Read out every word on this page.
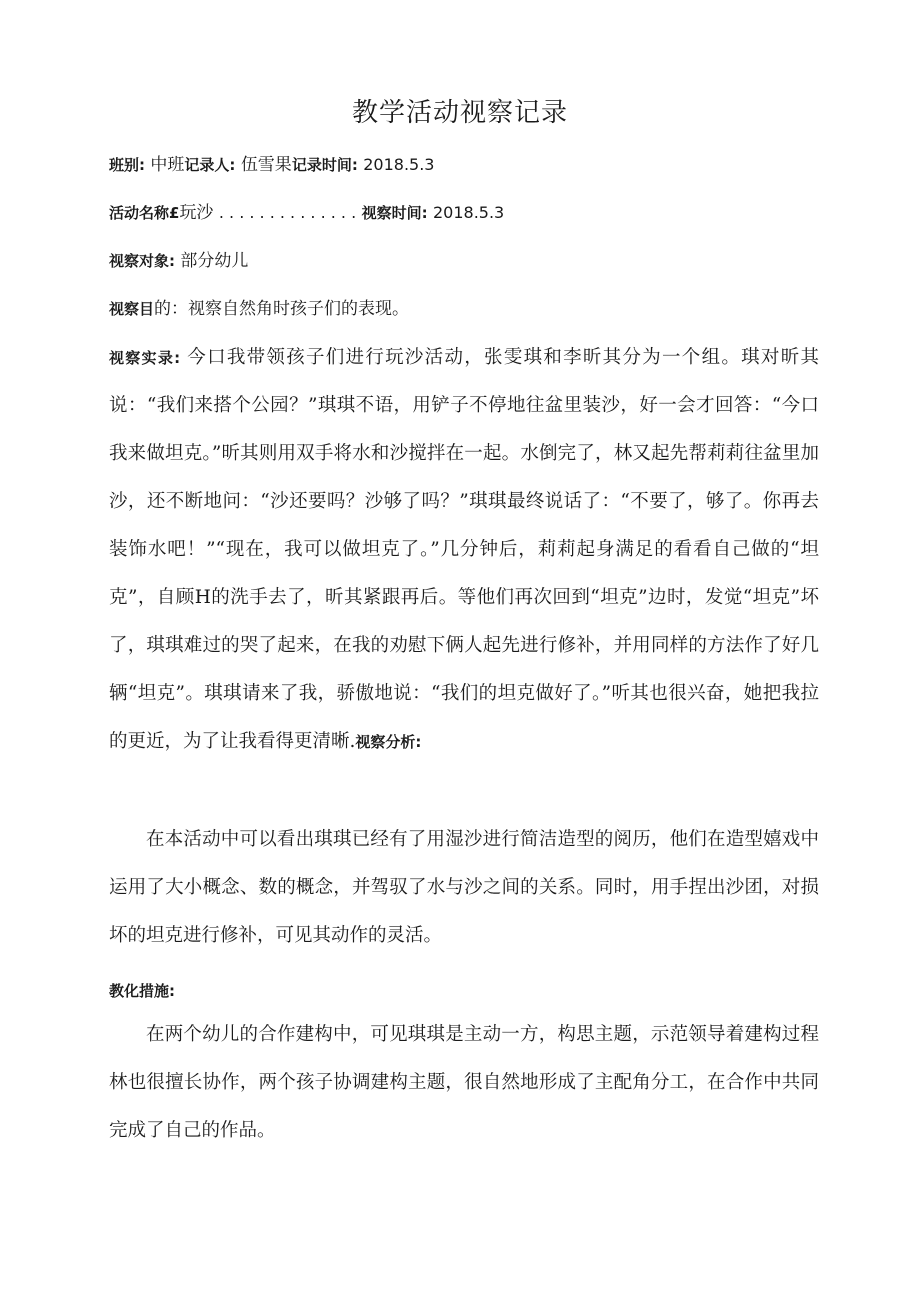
教学活动视察记录
班别: 中班记录人: 伍雪果记录时间: 2018.5.3
活动名称£玩沙 . . . . . . . . . . . . . . 视察时间: 2018.5.3
视察对象: 部分幼儿
视察目的：视察自然角时孩子们的表现。
视察实录: 今口我带领孩子们进行玩沙活动，张雯琪和李昕其分为一个组。琪对昕其说：“我们来搭个公园？”琪琪不语，用铲子不停地往盆里装沙，好一会才回答：“今口我来做坦克。”昕其则用双手将水和沙搅拌在一起。水倒完了，林又起先帮莉莉往盆里加沙，还不断地问：“沙还要吗？沙够了吗？”琪琪最终说话了：“不要了，够了。你再去装饰水吧！”“现在，我可以做坦克了。”几分钟后，莉莉起身满足的看看自己做的“坦克”，自顾H的洗手去了，昕其紧跟再后。等他们再次回到“坦克”边时，发觉“坦克”坏了，琪琪难过的哭了起来，在我的劝慰下俩人起先进行修补，并用同样的方法作了好几辆“坦克”。琪琪请来了我，骄傲地说：“我们的坦克做好了。”听其也很兴奋，她把我拉的更近，为了让我看得更清晰.视察分析:
在本活动中可以看出琪琪已经有了用湿沙进行简洁造型的阅历，他们在造型嬉戏中运用了大小概念、数的概念，并驾驭了水与沙之间的关系。同时，用手捏出沙团，对损坏的坦克进行修补，可见其动作的灵活。
教化措施:
在两个幼儿的合作建构中，可见琪琪是主动一方，构思主题，示范领导着建构过程 林也很擅长协作，两个孩子协调建构主题，很自然地形成了主配角分工，在合作中共同完成了自己的作品。
